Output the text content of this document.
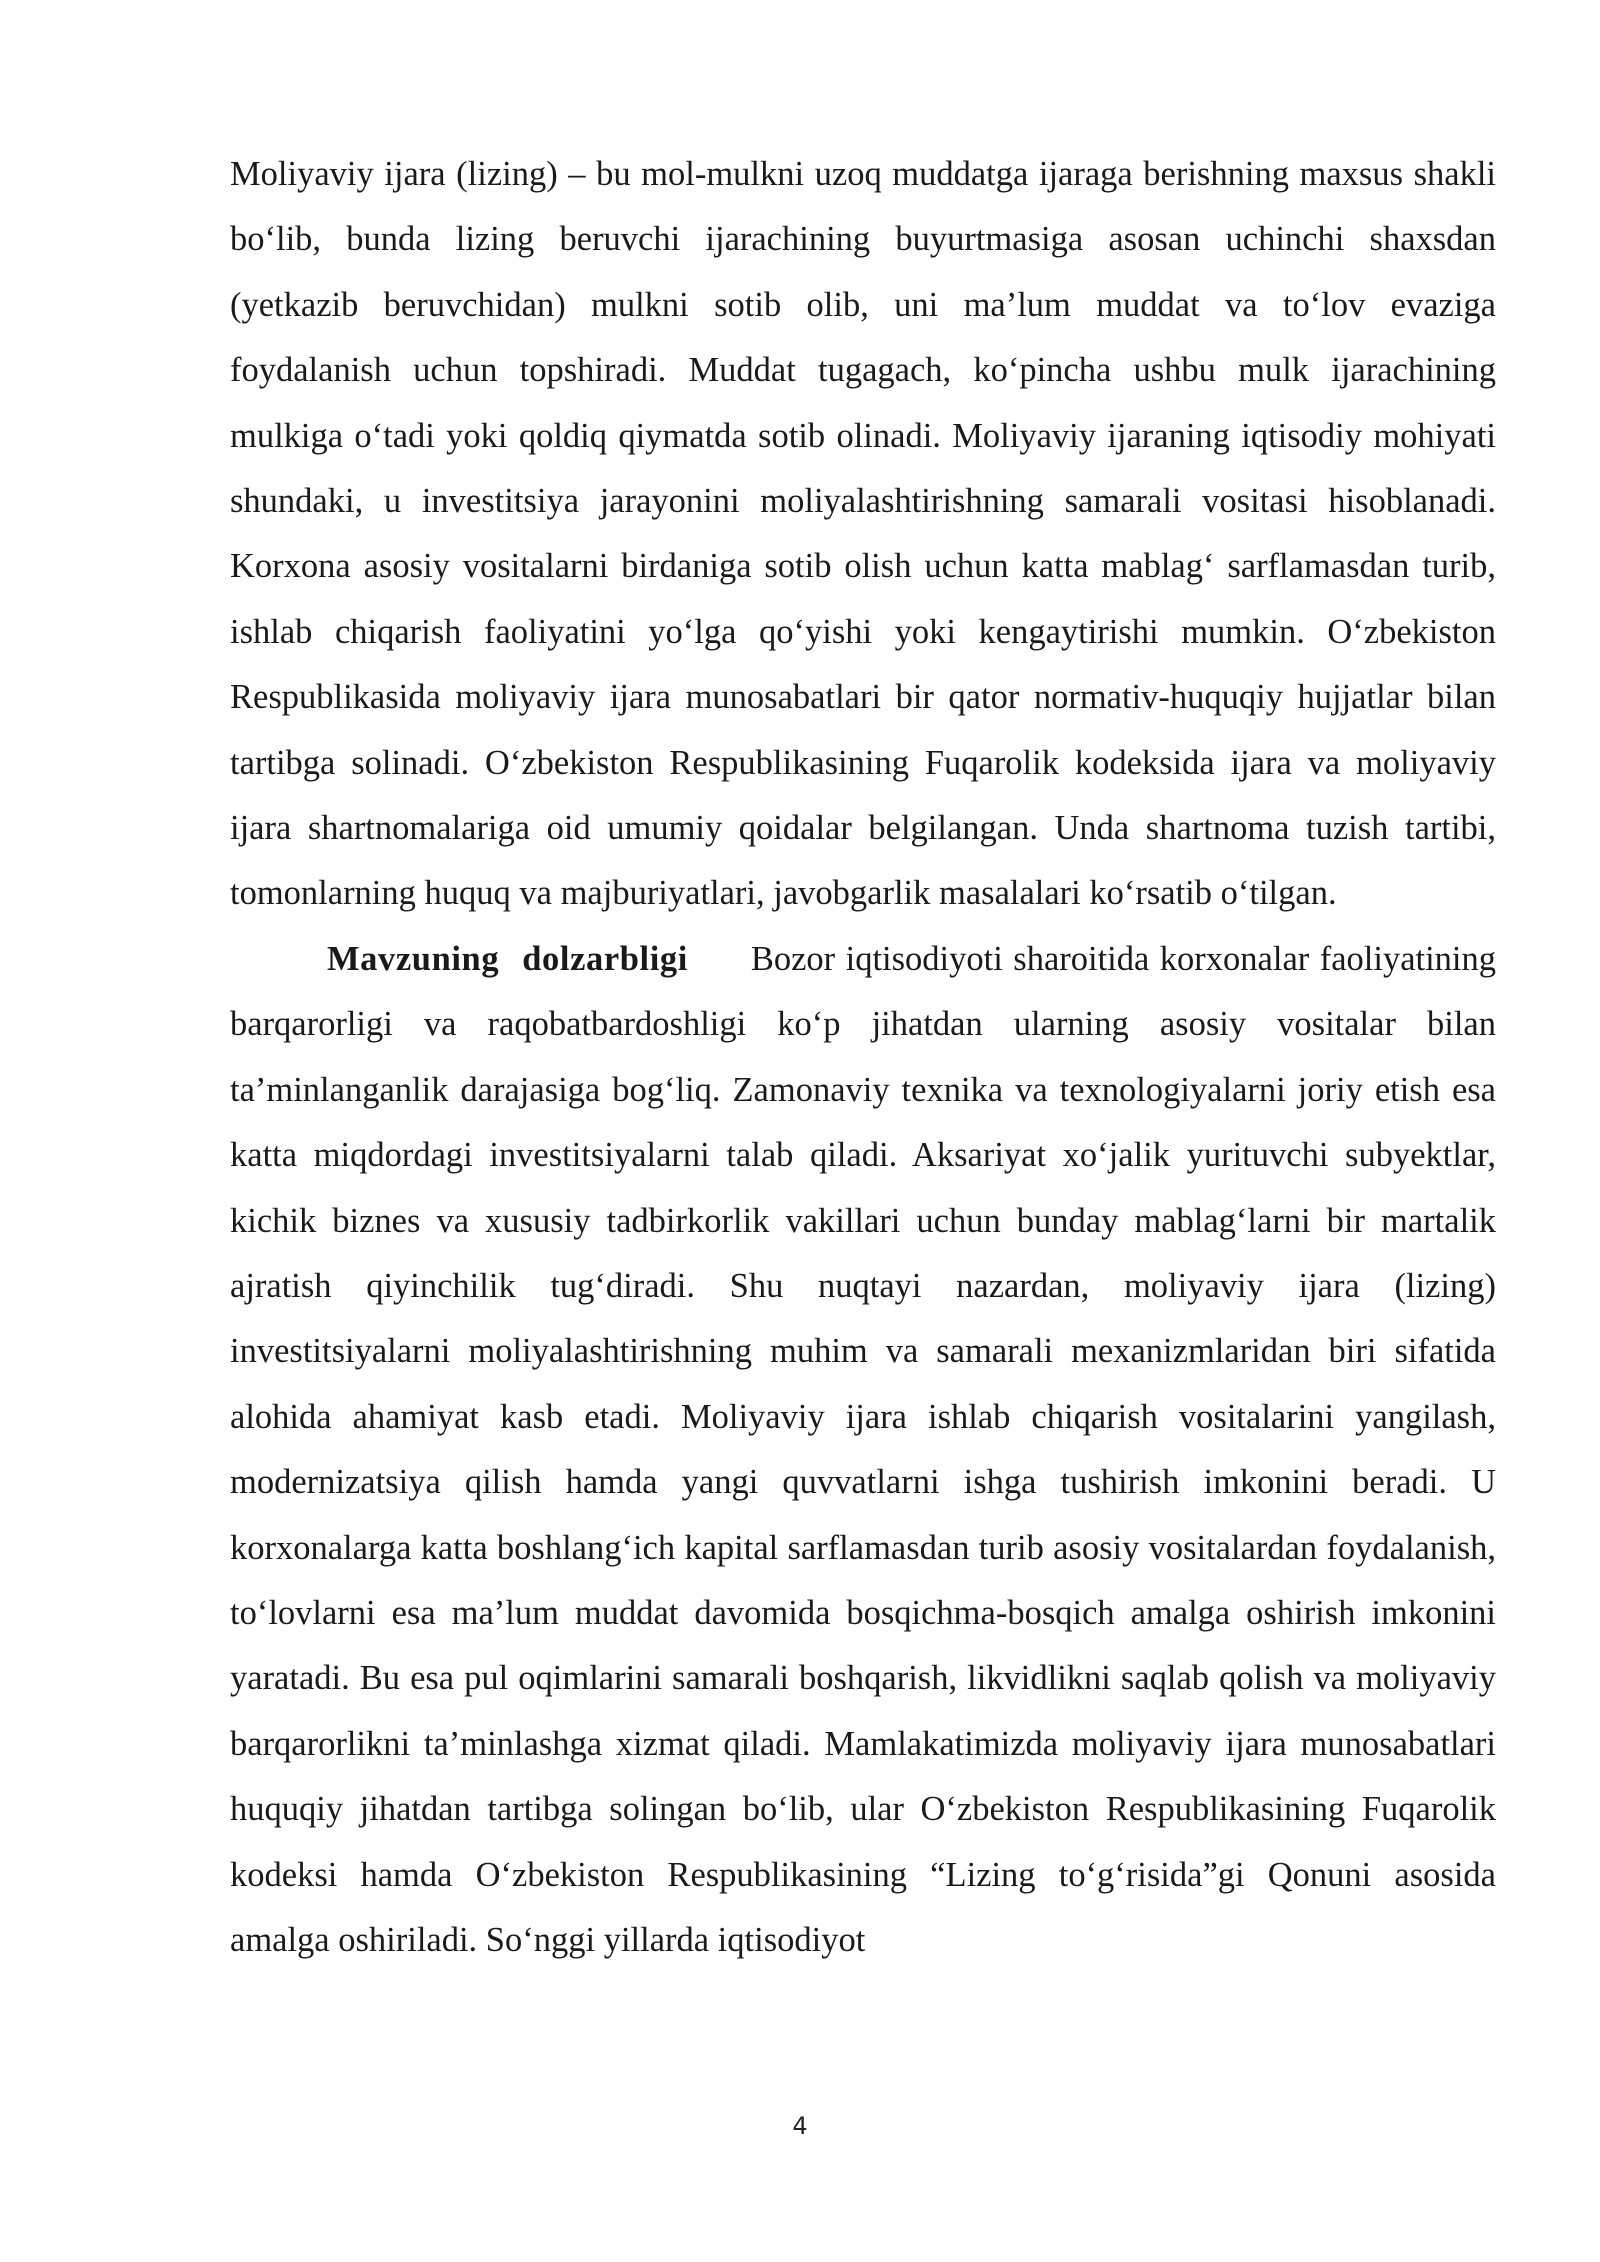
Moliyaviy ijara (lizing) – bu mol-mulkni uzoq muddatga ijaraga berishning maxsus shakli bo‘lib, bunda lizing beruvchi ijarachining buyurtmasiga asosan uchinchi shaxsdan (yetkazib beruvchidan) mulkni sotib olib, uni ma’lum muddat va to‘lov evaziga foydalanish uchun topshiradi. Muddat tugagach, ko‘pincha ushbu mulk ijarachining mulkiga o‘tadi yoki qoldiq qiymatda sotib olinadi. Moliyaviy ijaraning iqtisodiy mohiyati shundaki, u investitsiya jarayonini moliyalashtirishning samarali vositasi hisoblanadi. Korxona asosiy vositalarni birdaniga sotib olish uchun katta mablag‘ sarflamasdan turib, ishlab chiqarish faoliyatini yo‘lga qo‘yishi yoki kengaytirishi mumkin. O‘zbekiston Respublikasida moliyaviy ijara munosabatlari bir qator normativ-huquqiy hujjatlar bilan tartibga solinadi. O‘zbekiston Respublikasining Fuqarolik kodeksida ijara va moliyaviy ijara shartnomalariga oid umumiy qoidalar belgilangan. Unda shartnoma tuzish tartibi, tomonlarning huquq va majburiyatlari, javobgarlik masalalari ko‘rsatib o‘tilgan.

Mavzuning dolzarbligi Bozor iqtisodiyoti sharoitida korxonalar faoliyatining barqarorligi va raqobatbardoshligi ko‘p jihatdan ularning asosiy vositalar bilan ta’minlanganlik darajasiga bog‘liq. Zamonaviy texnika va texnologiyalarni joriy etish esa katta miqdordagi investitsiyalarni talab qiladi. Aksariyat xo‘jalik yurituvchi subyektlar, kichik biznes va xususiy tadbirkorlik vakillari uchun bunday mablag‘larni bir martalik ajratish qiyinchilik tug‘diradi. Shu nuqtayi nazardan, moliyaviy ijara (lizing) investitsiyalarni moliyalashtirishning muhim va samarali mexanizmlaridan biri sifatida alohida ahamiyat kasb etadi. Moliyaviy ijara ishlab chiqarish vositalarini yangilash, modernizatsiya qilish hamda yangi quvvatlarni ishga tushirish imkonini beradi. U korxonalarga katta boshlang‘ich kapital sarflamasdan turib asosiy vositalardan foydalanish, to‘lovlarni esa ma’lum muddat davomida bosqichma-bosqich amalga oshirish imkonini yaratadi. Bu esa pul oqimlarini samarali boshqarish, likvidlikni saqlab qolish va moliyaviy barqarorlikni ta’minlashga xizmat qiladi. Mamlakatimizda moliyaviy ijara munosabatlari huquqiy jihatdan tartibga solingan bo‘lib, ular O‘zbekiston Respublikasining Fuqarolik kodeksi hamda O‘zbekiston Respublikasining “Lizing to‘g‘risida”gi Qonuni asosida amalga oshiriladi. So‘nggi yillarda iqtisodiyot

4
